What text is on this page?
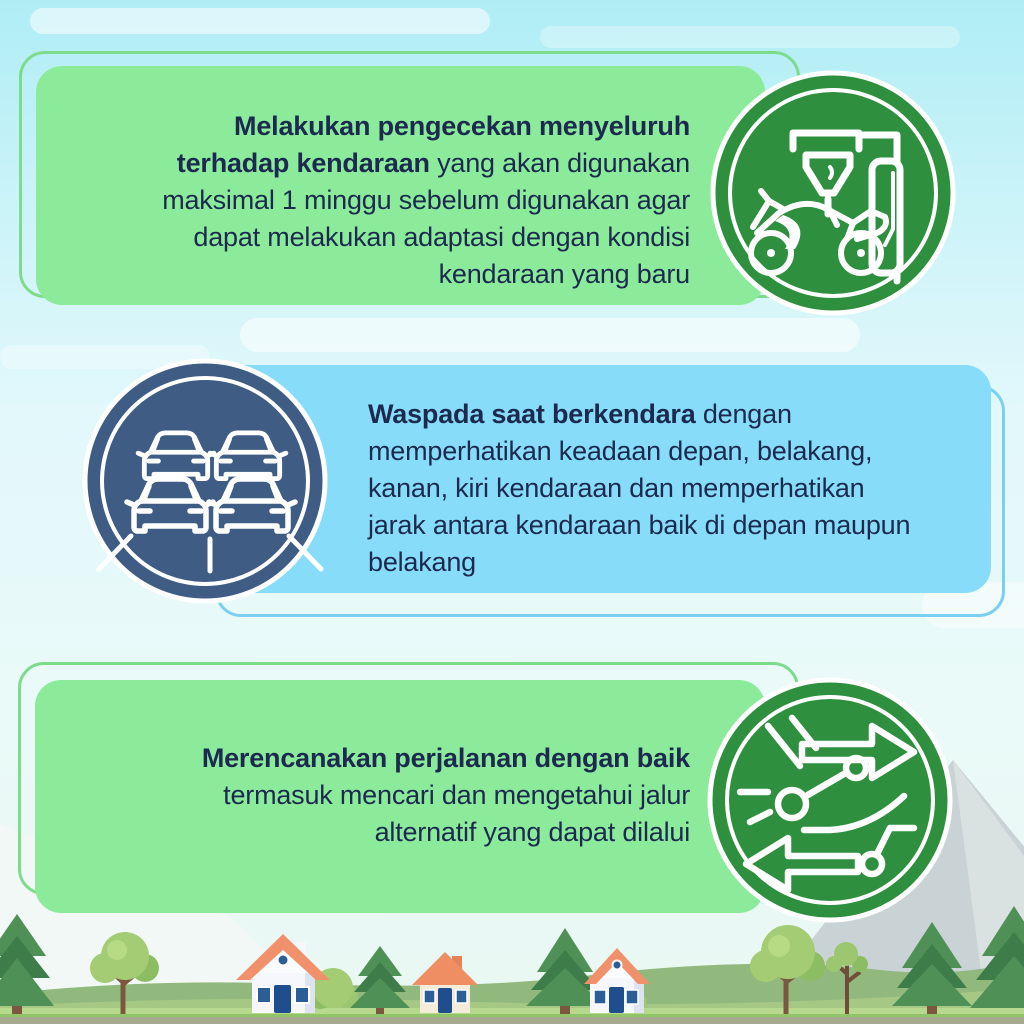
Melakukan pengecekan menyeluruh terhadap kendaraan yang akan digunakan maksimal 1 minggu sebelum digunakan agar dapat melakukan adaptasi dengan kondisi kendaraan yang baru

Waspada saat berkendara dengan memperhatikan keadaan depan, belakang, kanan, kiri kendaraan dan memperhatikan jarak antara kendaraan baik di depan maupun belakang

Merencanakan perjalanan dengan baik termasuk mencari dan mengetahui jalur alternatif yang dapat dilalui
